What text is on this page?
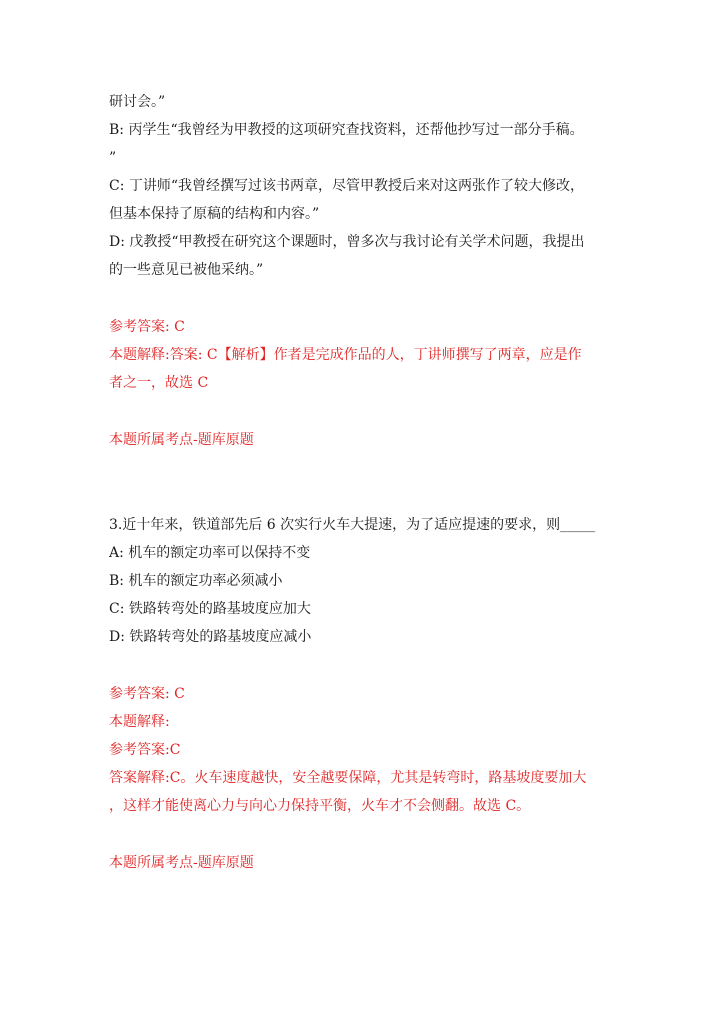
研讨会。”
B: 丙学生“我曾经为甲教授的这项研究查找资料，还帮他抄写过一部分手稿。
”
C: 丁讲师“我曾经撰写过该书两章，尽管甲教授后来对这两张作了较大修改，
但基本保持了原稿的结构和内容。”
D: 戊教授“甲教授在研究这个课题时，曾多次与我讨论有关学术问题，我提出
的一些意见已被他采纳。”
参考答案: C
本题解释:答案: C【解析】作者是完成作品的人，丁讲师撰写了两章，应是作
者之一，故选 C
本题所属考点-题库原题
3.近十年来，铁道部先后 6 次实行火车大提速，为了适应提速的要求，则_____
A: 机车的额定功率可以保持不变
B: 机车的额定功率必须减小
C: 铁路转弯处的路基坡度应加大
D: 铁路转弯处的路基坡度应减小
参考答案: C
本题解释:
参考答案:C
答案解释:C。火车速度越快，安全越要保障，尤其是转弯时，路基坡度要加大
，这样才能使离心力与向心力保持平衡，火车才不会侧翻。故选 C。
本题所属考点-题库原题
